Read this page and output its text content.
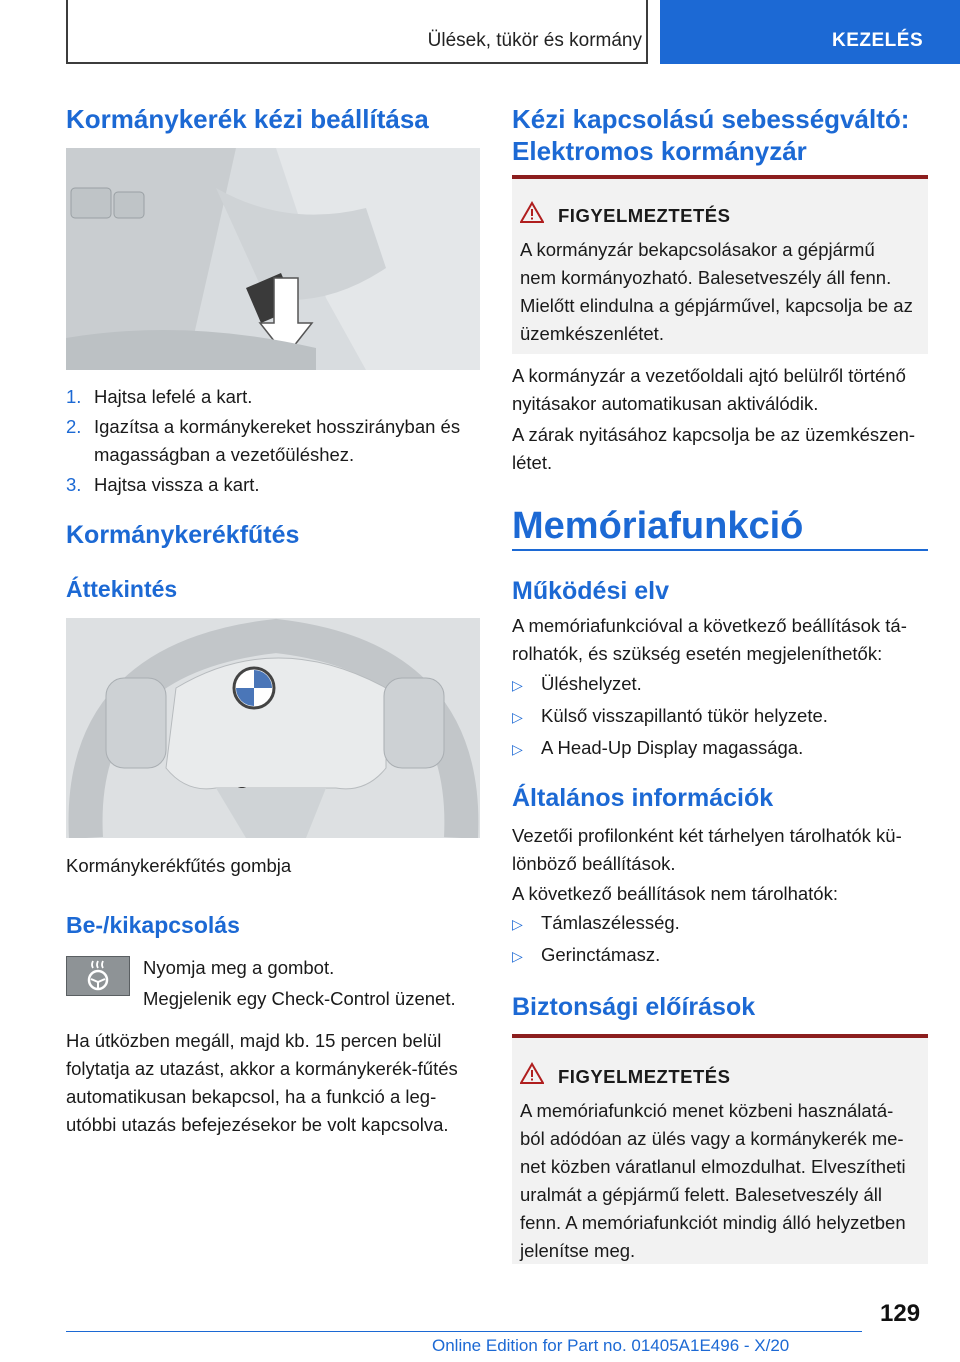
Ülések, tükör és kormány	KEZELÉS
Kormánykerék kézi beállítása
1. Hajtsa lefelé a kart.
2. Igazítsa a kormánykereket hosszirányban és
magasságban a vezetőüléshez.
3. Hajtsa vissza a kart.
Kormánykerékfűtés
Áttekintés
Kormánykerékfűtés gombja
Be-/kikapcsolás
Nyomja meg a gombot.
Megjelenik egy Check-Control üzenet.
Ha útközben megáll, majd kb. 15 percen belül
folytatja az utazást, akkor a kormánykerék-fűtés
automatikusan bekapcsol, ha a funkció a leg-
utóbbi utazás befejezésekor be volt kapcsolva.
Kézi kapcsolású sebességváltó:
Elektromos kormányzár
FIGYELMEZTETÉS
A kormányzár bekapcsolásakor a gépjármű
nem kormányozható. Balesetveszély áll fenn.
Mielőtt elindulna a gépjárművel, kapcsolja be az
üzemkészenlétet.
A kormányzár a vezetőoldali ajtó belülről történő
nyitásakor automatikusan aktiválódik.
A zárak nyitásához kapcsolja be az üzemkészen-
létet.
Memóriafunkció
Működési elv
A memóriafunkcióval a következő beállítások tá-
rolhatók, és szükség esetén megjeleníthetők:
▷ Üléshelyzet.
▷ Külső visszapillantó tükör helyzete.
▷ A Head-Up Display magassága.
Általános információk
Vezetői profilonként két tárhelyen tárolhatók kü-
lönböző beállítások.
A következő beállítások nem tárolhatók:
▷ Támlaszélesség.
▷ Gerinctámasz.
Biztonsági előírások
FIGYELMEZTETÉS
A memóriafunkció menet közbeni használatá-
ból adódóan az ülés vagy a kormánykerék me-
net közben váratlanul elmozdulhat. Elveszítheti
uralmát a gépjármű felett. Balesetveszély áll
fenn. A memóriafunkciót mindig álló helyzetben
jelenítse meg.
129
Online Edition for Part no. 01405A1E496 - X/20
